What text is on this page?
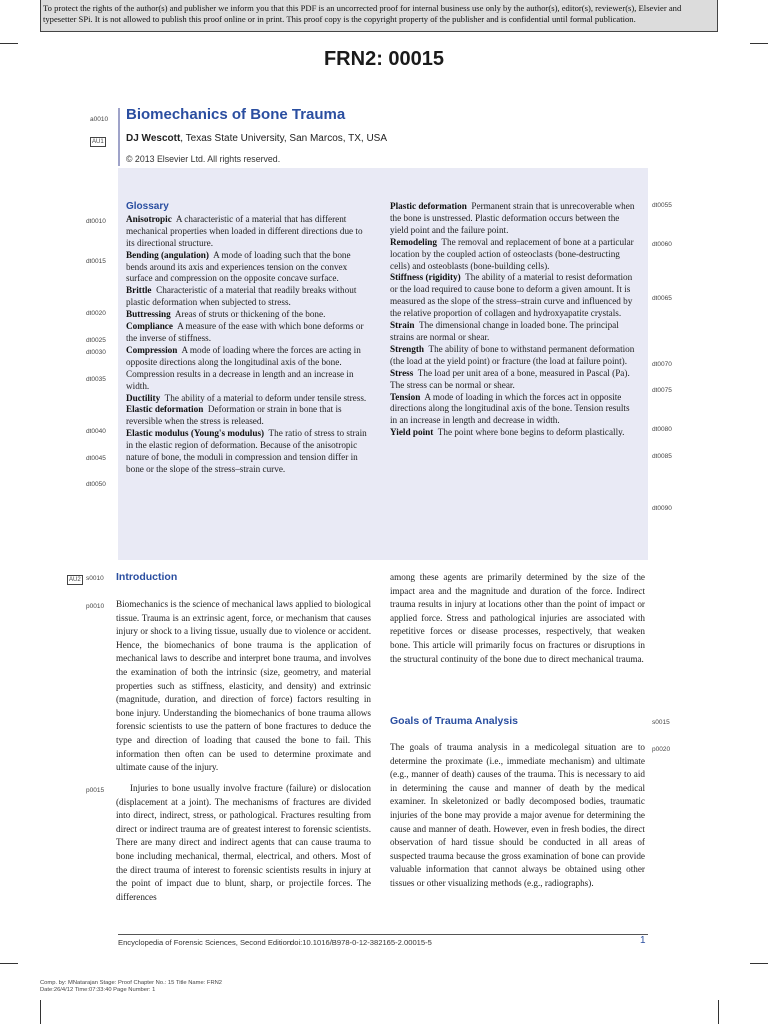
To protect the rights of the author(s) and publisher we inform you that this PDF is an uncorrected proof for internal business use only by the author(s), editor(s), reviewer(s), Elsevier and typesetter SPi. It is not allowed to publish this proof online or in print. This proof copy is the copyright property of the publisher and is confidential until formal publication.
FRN2: 00015
a0010
AU1
Biomechanics of Bone Trauma
DJ Wescott, Texas State University, San Marcos, TX, USA
© 2013 Elsevier Ltd. All rights reserved.

Glossary

Anisotropic A characteristic of a material that has different mechanical properties when loaded in different directions due to its directional structure.

Bending (angulation) A mode of loading such that the bone bends around its axis and experiences tension on the convex surface and compression on the opposite concave surface.

Brittle Characteristic of a material that readily breaks without plastic deformation when subjected to stress.

Buttressing Areas of struts or thickening of the bone.

Compliance A measure of the ease with which bone deforms or the inverse of stiffness.

Compression A mode of loading where the forces are acting in opposite directions along the longitudinal axis of the bone. Compression results in a decrease in length and an increase in width.

Ductility The ability of a material to deform under tensile stress.

Elastic deformation Deformation or strain in bone that is reversible when the stress is released.

Elastic modulus (Young's modulus) The ratio of stress to strain in the elastic region of deformation. Because of the anisotropic nature of bone, the moduli in compression and tension differ in bone or the slope of the stress–strain curve.

Plastic deformation Permanent strain that is unrecoverable when the bone is unstressed. Plastic deformation occurs between the yield point and the failure point.

Remodeling The removal and replacement of bone at a particular location by the coupled action of osteoclasts (bone-destructing cells) and osteoblasts (bone-building cells).

Stiffness (rigidity) The ability of a material to resist deformation or the load required to cause bone to deform a given amount. It is measured as the slope of the stress–strain curve and influenced by the relative proportion of collagen and hydroxyapatite crystals.

Strain The dimensional change in loaded bone. The principal strains are normal or shear.

Strength The ability of bone to withstand permanent deformation (the load at the yield point) or fracture (the load at failure point).

Stress The load per unit area of a bone, measured in Pascal (Pa). The stress can be normal or shear.

Tension A mode of loading in which the forces act in opposite directions along the longitudinal axis of the bone. Tension results in an increase in length and decrease in width.

Yield point The point where bone begins to deform plastically.

dt0010
dt0015
dt0020
dt0025
dt0030
dt0035
dt0040
dt0045
dt0050
dt0055
dt0060
dt0065
dt0070
dt0075
dt0080
dt0085
dt0090
AU2 s0010 Introduction
p0010 Biomechanics is the science of mechanical laws applied to biological tissue. Trauma is an extrinsic agent, force, or mechanism that causes injury or shock to a living tissue, usually due to violence or accident. Hence, the biomechanics of bone trauma is the application of mechanical laws to describe and interpret bone trauma, and involves the examination of both the intrinsic (size, geometry, and material properties such as stiffness, elasticity, and density) and extrinsic (magnitude, duration, and direction of force) factors resulting in bone injury. Understanding the biomechanics of bone trauma allows forensic scientists to use the pattern of bone fractures to deduce the type and direction of loading that caused the bone to fail. This information then often can be used to determine proximate and ultimate cause of the injury.

p0015	Injuries to bone usually involve fracture (failure) or dislocation (displacement at a joint). The mechanisms of fractures are divided into direct, indirect, stress, or pathological. Fractures resulting from direct or indirect trauma are of greatest interest to forensic scientists. There are many direct and indirect agents that can cause trauma to bone including mechanical, thermal, electrical, and others. Most of the direct trauma of interest to forensic scientists results in injury at the point of impact due to blunt, sharp, or projectile forces. The differences

among these agents are primarily determined by the size of the impact area and the magnitude and duration of the force. Indirect trauma results in injury at locations other than the point of impact or applied force. Stress and pathological injuries are associated with repetitive forces or disease processes, respectively, that weaken bone. This article will primarily focus on fractures or disruptions in the structural continuity of the bone due to direct mechanical trauma.

Goals of Trauma Analysis	s0015
p0020

The goals of trauma analysis in a medicolegal situation are to determine the proximate (i.e., immediate mechanism) and ultimate (e.g., manner of death) causes of the trauma. This is necessary to aid in determining the cause and manner of death by the medical examiner. In skeletonized or badly decomposed bodies, traumatic injuries of the bone may provide a major avenue for determining the cause and manner of death. However, even in fresh bodies, the direct observation of hard tissue should be conducted in all areas of suspected trauma because the gross examination of bone can provide valuable information that cannot always be obtained using other tissues or other visualizing methods (e.g., radiographs).

Encyclopedia of Forensic Sciences, Second Edition
doi:10.1016/B978-0-12-382165-2.00015-5	1
Comp. by: MNatarajan Stage: Proof Chapter No.: 15 Title Name: FRN2
Date:26/4/12 Time:07:33:40 Page Number: 1
